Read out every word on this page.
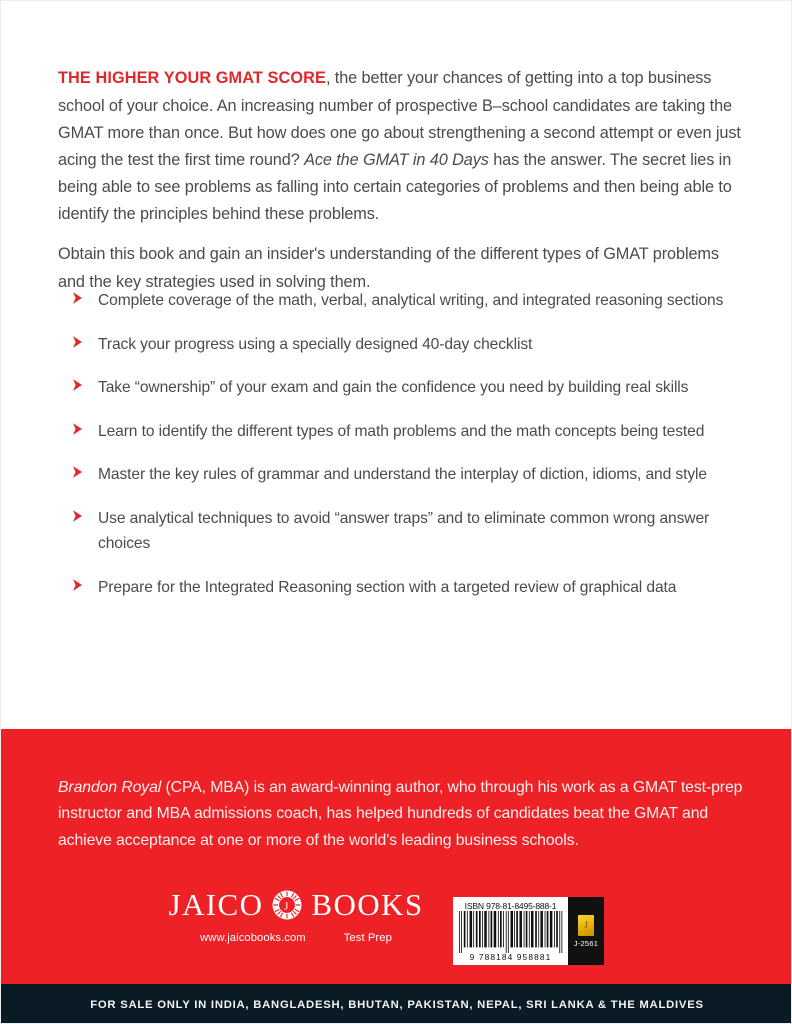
THE HIGHER YOUR GMAT SCORE, the better your chances of getting into a top business school of your choice. An increasing number of prospective B–school candidates are taking the GMAT more than once. But how does one go about strengthening a second attempt or even just acing the test the first time round? Ace the GMAT in 40 Days has the answer. The secret lies in being able to see problems as falling into certain categories of problems and then being able to identify the principles behind these problems.

Obtain this book and gain an insider's understanding of the different types of GMAT problems and the key strategies used in solving them.

Complete coverage of the math, verbal, analytical writing, and integrated reasoning sections
Track your progress using a specially designed 40-day checklist
Take “ownership” of your exam and gain the confidence you need by building real skills
Learn to identify the different types of math problems and the math concepts being tested
Master the key rules of grammar and understand the interplay of diction, idioms, and style
Use analytical techniques to avoid “answer traps” and to eliminate common wrong answer choices
Prepare for the Integrated Reasoning section with a targeted review of graphical data

Brandon Royal (CPA, MBA) is an award-winning author, who through his work as a GMAT test-prep instructor and MBA admissions coach, has helped hundreds of candidates beat the GMAT and achieve acceptance at one or more of the world's leading business schools.

JAICO J BOOKS
www.jaicobooks.com	Test Prep
ISBN 978-81-8495-888-1
9 788184 958881
J
J-2561
FOR SALE ONLY IN INDIA, BANGLADESH, BHUTAN, PAKISTAN, NEPAL, SRI LANKA & THE MALDIVES
